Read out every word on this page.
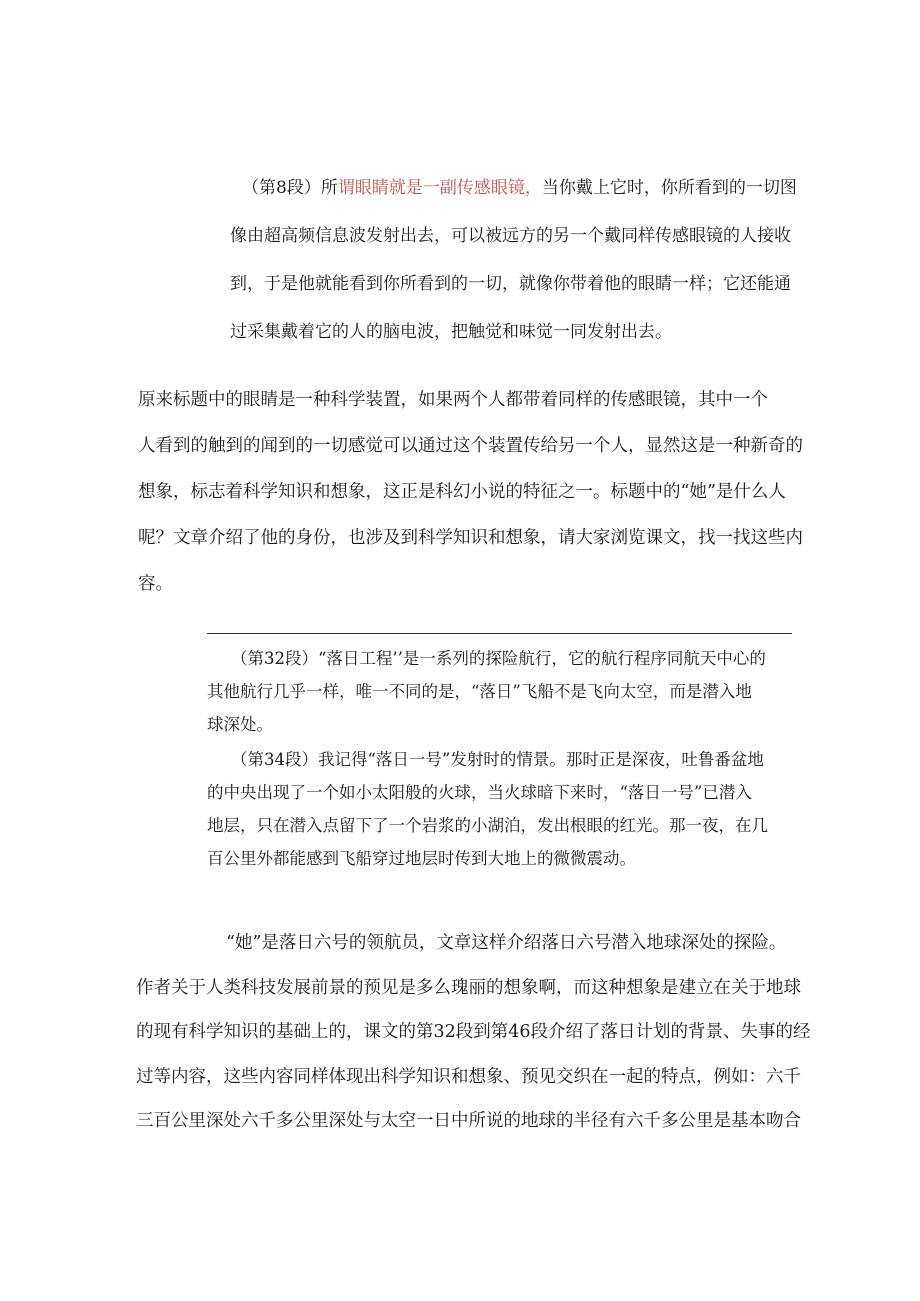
（第8段）所谓眼睛就是一副传感眼镜，当你戴上它时，你所看到的一切图
像由超高频信息波发射出去，可以被远方的另一个戴同样传感眼镜的人接收
到，于是他就能看到你所看到的一切，就像你带着他的眼睛一样；它还能通
过采集戴着它的人的脑电波，把触觉和味觉一同发射出去。

原来标题中的眼睛是一种科学装置，如果两个人都带着同样的传感眼镜，其中一个
人看到的触到的闻到的一切感觉可以通过这个装置传给另一个人，显然这是一种新奇的
想象，标志着科学知识和想象，这正是科幻小说的特征之一。标题中的“她”是什么人
呢？文章介绍了他的身份，也涉及到科学知识和想象，请大家浏览课文，找一找这些内
容。

（第32段）“落日工程’’是一系列的探险航行，它的航行程序同航天中心的
其他航行几乎一样，唯一不同的是，“落日”飞船不是飞向太空，而是潜入地
球深处。

（第34段）我记得“落日一号”发射时的情景。那时正是深夜，吐鲁番盆地
的中央出现了一个如小太阳般的火球，当火球暗下来时，“落日一号”已潜入
地层，只在潜入点留下了一个岩浆的小湖泊，发出根眼的红光。那一夜，在几
百公里外都能感到飞船穿过地层时传到大地上的微微震动。

“她”是落日六号的领航员，文章这样介绍落日六号潜入地球深处的探险。
作者关于人类科技发展前景的预见是多么瑰丽的想象啊，而这种想象是建立在关于地球
的现有科学知识的基础上的，课文的第32段到第46段介绍了落日计划的背景、失事的经
过等内容，这些内容同样体现出科学知识和想象、预见交织在一起的特点，例如：六千
三百公里深处六千多公里深处与太空一日中所说的地球的半径有六千多公里是基本吻合
